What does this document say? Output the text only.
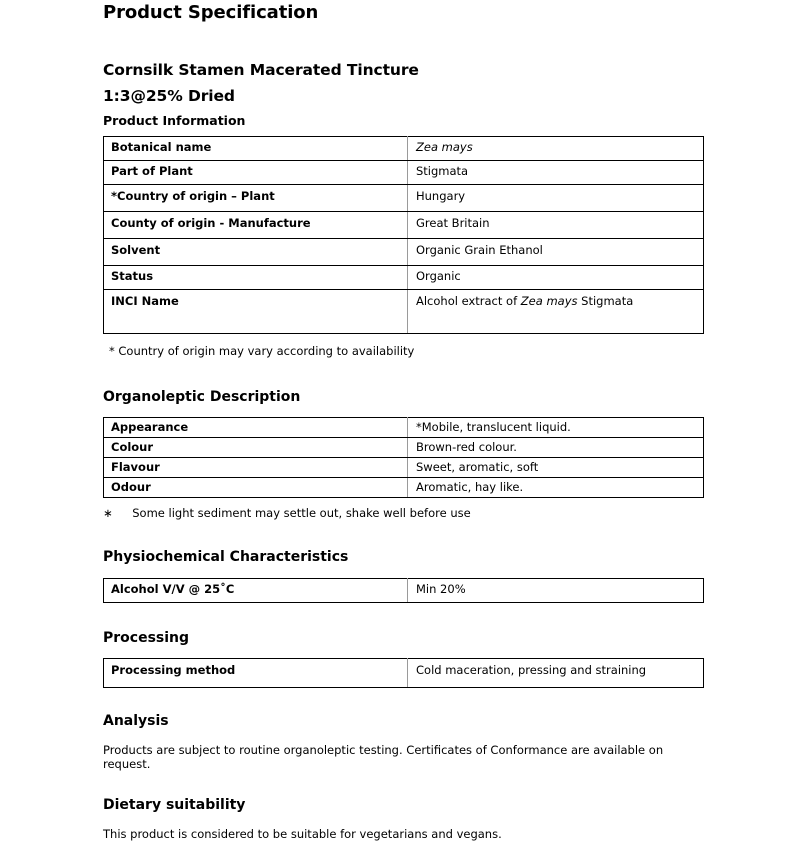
Product Specification
Cornsilk Stamen Macerated Tincture
1:3@25% Dried
Product Information
Botanical name	Zea mays
Part of Plant	Stigmata
*Country of origin – Plant	Hungary
County of origin - Manufacture	Great Britain
Solvent	Organic Grain Ethanol
Status	Organic
INCI Name	Alcohol extract of Zea mays Stigmata

* Country of origin may vary according to availability

Organoleptic Description
Appearance	*Mobile, translucent liquid.
Colour	Brown-red colour.
Flavour	Sweet, aromatic, soft
Odour	Aromatic, hay like.

∗	Some light sediment may settle out, shake well before use

Physiochemical Characteristics
Alcohol V/V @ 25˚C	Min 20%
Processing
Processing method	Cold maceration, pressing and straining
Analysis

Products are subject to routine organoleptic testing. Certificates of Conformance are available on request.

Dietary suitability

This product is considered to be suitable for vegetarians and vegans.
